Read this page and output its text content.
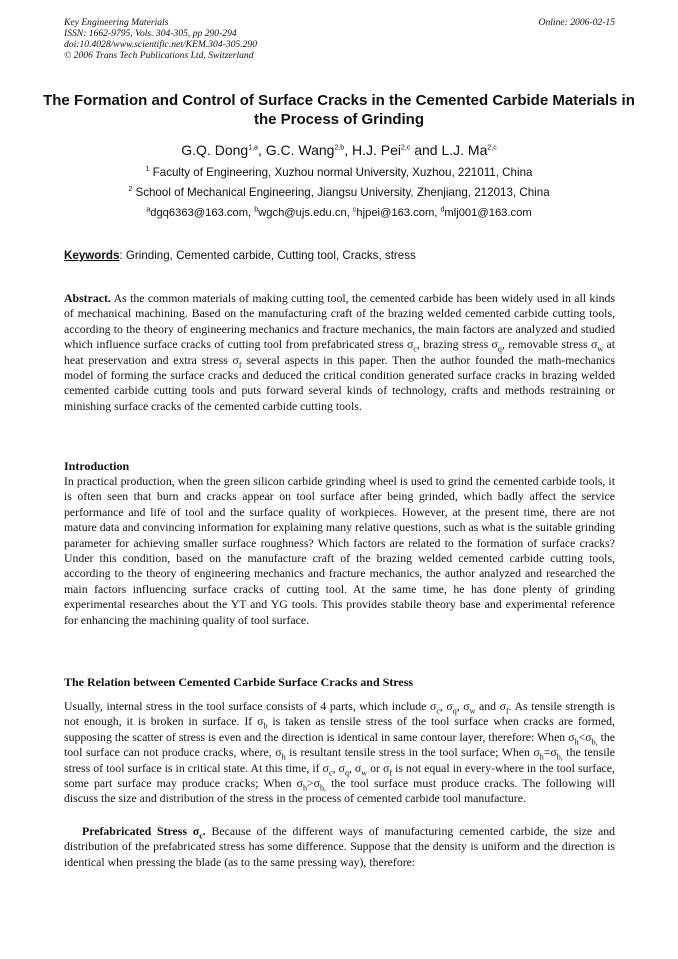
Key Engineering Materials
ISSN: 1662-9795, Vols. 304-305, pp 290-294
doi:10.4028/www.scientific.net/KEM.304-305.290
© 2006 Trans Tech Publications Ltd, Switzerland
Online: 2006-02-15
The Formation and Control of Surface Cracks in the Cemented Carbide Materials in the Process of Grinding
G.Q. Dong$^{1,a}$, G.C. Wang$^{2,b}$, H.J. Pei$^{2,c}$ and L.J. Ma$^{2,c}$
$^1$ Faculty of Engineering, Xuzhou normal University, Xuzhou, 221011, China
$^2$ School of Mechanical Engineering, Jiangsu University, Zhenjiang, 212013, China
$^a$dgq6363@163.com, $^b$wgch@ujs.edu.cn, $^c$hjpei@163.com, $^d$mlj001@163.com
Keywords: Grinding, Cemented carbide, Cutting tool, Cracks, stress
Abstract. As the common materials of making cutting tool, the cemented carbide has been widely used in all kinds of mechanical machining. Based on the manufacturing craft of the brazing welded cemented carbide cutting tools, according to the theory of engineering mechanics and fracture mechanics, the main factors are analyzed and studied which influence surface cracks of cutting tool from prefabricated stress $\sigma_c$, brazing stress $\sigma_q$, removable stress $\sigma_w$ at heat preservation and extra stress $\sigma_f$ several aspects in this paper. Then the author founded the math-mechanics model of forming the surface cracks and deduced the critical condition generated surface cracks in brazing welded cemented carbide cutting tools and puts forward several kinds of technology, crafts and methods restraining or minishing surface cracks of the cemented carbide cutting tools.
Introduction
In practical production, when the green silicon carbide grinding wheel is used to grind the cemented carbide tools, it is often seen that burn and cracks appear on tool surface after being grinded, which badly affect the service performance and life of tool and the surface quality of workpieces. However, at the present time, there are not mature data and convincing information for explaining many relative questions, such as what is the suitable grinding parameter for achieving smaller surface roughness? Which factors are related to the formation of surface cracks? Under this condition, based on the manufacture craft of the brazing welded cemented carbide cutting tools, according to the theory of engineering mechanics and fracture mechanics, the author analyzed and researched the main factors influencing surface cracks of cutting tool. At the same time, he has done plenty of grinding experimental researches about the YT and YG tools. This provides stabile theory base and experimental reference for enhancing the machining quality of tool surface.
The Relation between Cemented Carbide Surface Cracks and Stress
Usually, internal stress in the tool surface consists of 4 parts, which include $\sigma_c$, $\sigma_q$, $\sigma_w$ and $\sigma_f$. As tensile strength is not enough, it is broken in surface. If $\sigma_b$ is taken as tensile stress of the tool surface when cracks are formed, supposing the scatter of stress is even and the direction is identical in same contour layer, therefore: When $\sigma_h<\sigma_{b,}$ the tool surface can not produce cracks, where, $\sigma_h$ is resultant tensile stress in the tool surface; When $\sigma_h=\sigma_{b,}$ the tensile stress of tool surface is in critical state. At this time, if $\sigma_c$, $\sigma_q$, $\sigma_w$ or $\sigma_f$ is not equal in every-where in the tool surface, some part surface may produce cracks; When $\sigma_h>\sigma_{b,}$ the tool surface must produce cracks. The following will discuss the size and distribution of the stress in the process of cemented carbide tool manufacture.
Prefabricated Stress $\sigma_c$. Because of the different ways of manufacturing cemented carbide, the size and distribution of the prefabricated stress has some difference. Suppose that the density is uniform and the direction is identical when pressing the blade (as to the same pressing way), therefore:
